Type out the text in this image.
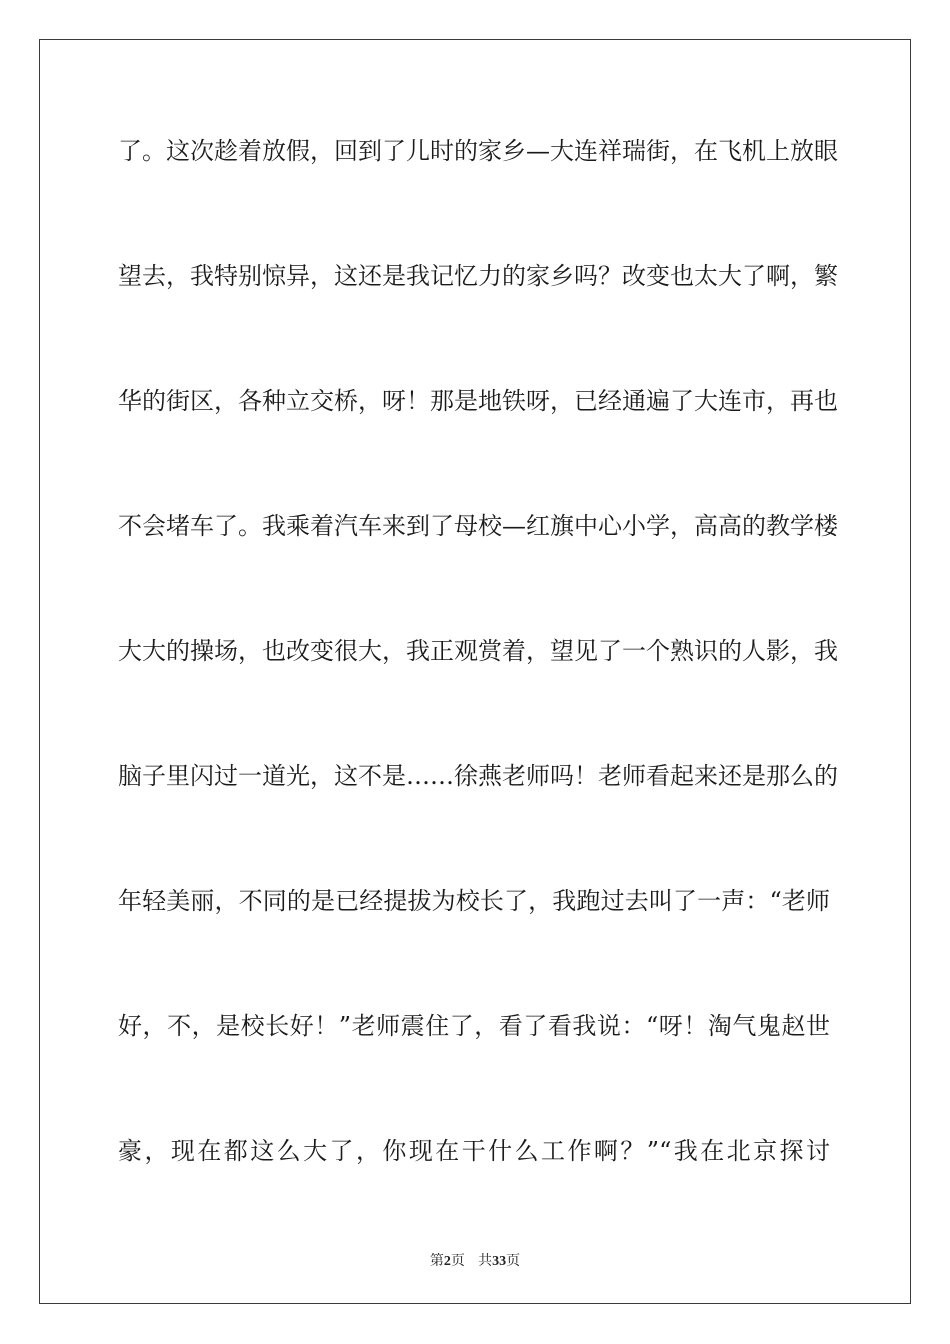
了。这次趁着放假，回到了儿时的家乡—大连祥瑞街，在飞机上放眼
望去，我特别惊异，这还是我记忆力的家乡吗？改变也太大了啊，繁
华的街区，各种立交桥，呀！那是地铁呀，已经通遍了大连市，再也
不会堵车了。我乘着汽车来到了母校—红旗中心小学，高高的教学楼
大大的操场，也改变很大，我正观赏着，望见了一个熟识的人影，我
脑子里闪过一道光，这不是……徐燕老师吗！老师看起来还是那么的
年轻美丽，不同的是已经提拔为校长了，我跑过去叫了一声：“老师
好，不，是校长好！”老师震住了，看了看我说：“呀！淘气鬼赵世
豪，现在都这么大了，你现在干什么工作啊？”“我在北京探讨
第2页 共33页
